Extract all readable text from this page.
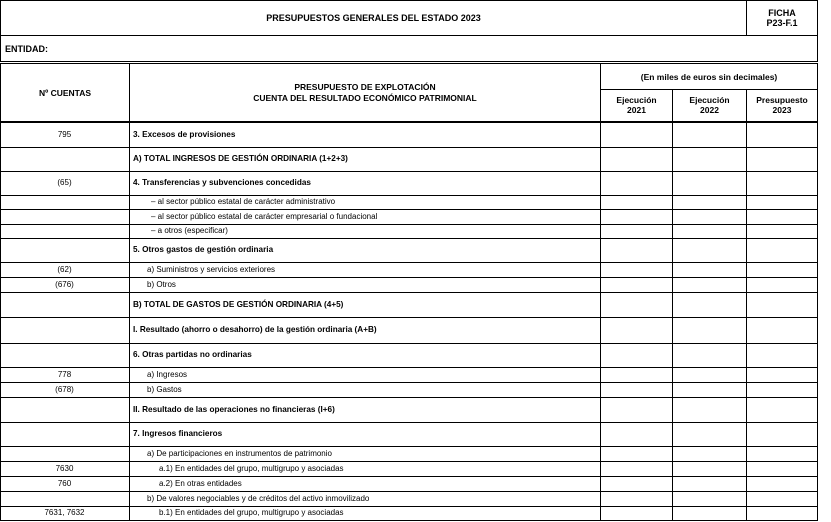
PRESUPUESTOS GENERALES DEL ESTADO 2023
FICHA
P23-F.1
ENTIDAD:
Nº CUENTAS
PRESUPUESTO DE EXPLOTACIÓN
CUENTA DEL RESULTADO ECONÓMICO PATRIMONIAL
(En miles de euros sin decimales)
Ejecución
2021
Ejecución
2022
Presupuesto
2023
795	3. Excesos de provisiones
A) TOTAL INGRESOS DE GESTIÓN ORDINARIA (1+2+3)
(65)	4. Transferencias y subvenciones concedidas
– al sector público estatal de carácter administrativo
– al sector público estatal de carácter empresarial o fundacional
– a otros (especificar)
5. Otros gastos de gestión ordinaria
(62)	a) Suministros y servicios exteriores
(676)	b) Otros
B) TOTAL DE GASTOS DE GESTIÓN ORDINARIA (4+5)
I. Resultado (ahorro o desahorro) de la gestión ordinaria (A+B)
6. Otras partidas no ordinarias
778	a) Ingresos
(678)	b) Gastos
II. Resultado de las operaciones no financieras (I+6)
7. Ingresos financieros
a) De participaciones en instrumentos de patrimonio
7630	a.1) En entidades del grupo, multigrupo y asociadas
760	a.2) En otras entidades
b) De valores negociables y de créditos del activo inmovilizado
7631, 7632	b.1) En entidades del grupo, multigrupo y asociadas
